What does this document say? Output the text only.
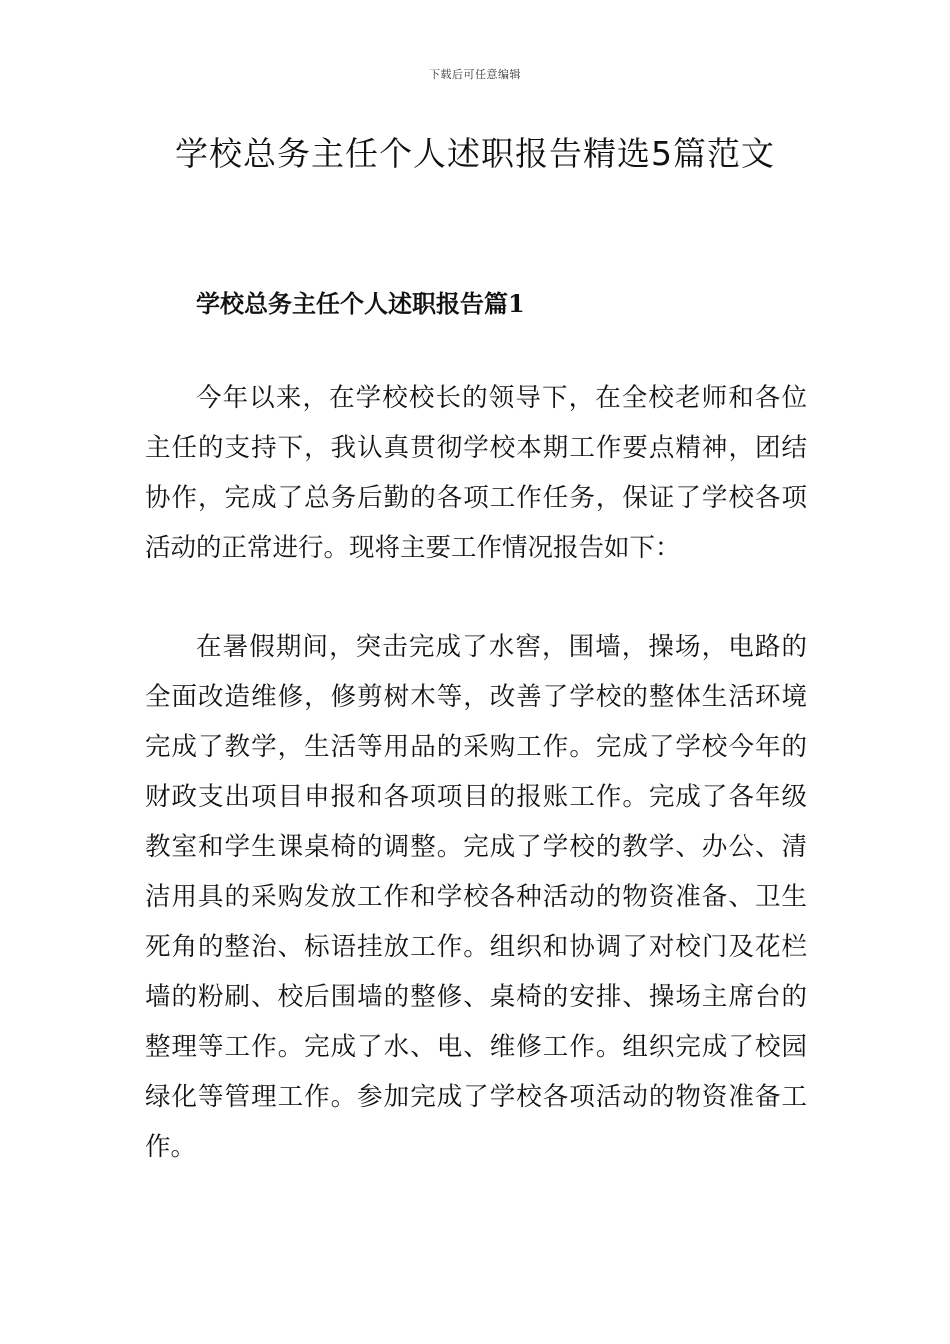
下载后可任意编辑
学校总务主任个人述职报告精选5篇范文
学校总务主任个人述职报告篇1

今年以来，在学校校长的领导下，在全校老师和各位主任的支持下，我认真贯彻学校本期工作要点精神，团结协作，完成了总务后勤的各项工作任务，保证了学校各项活动的正常进行。现将主要工作情况报告如下：

在暑假期间，突击完成了水窖，围墙，操场，电路的全面改造维修，修剪树木等，改善了学校的整体生活环境完成了教学，生活等用品的采购工作。完成了学校今年的财政支出项目申报和各项项目的报账工作。完成了各年级教室和学生课桌椅的调整。完成了学校的教学、办公、清洁用具的采购发放工作和学校各种活动的物资准备、卫生死角的整治、标语挂放工作。组织和协调了对校门及花栏墙的粉刷、校后围墙的整修、桌椅的安排、操场主席台的整理等工作。完成了水、电、维修工作。组织完成了校园绿化等管理工作。参加完成了学校各项活动的物资准备工作。
